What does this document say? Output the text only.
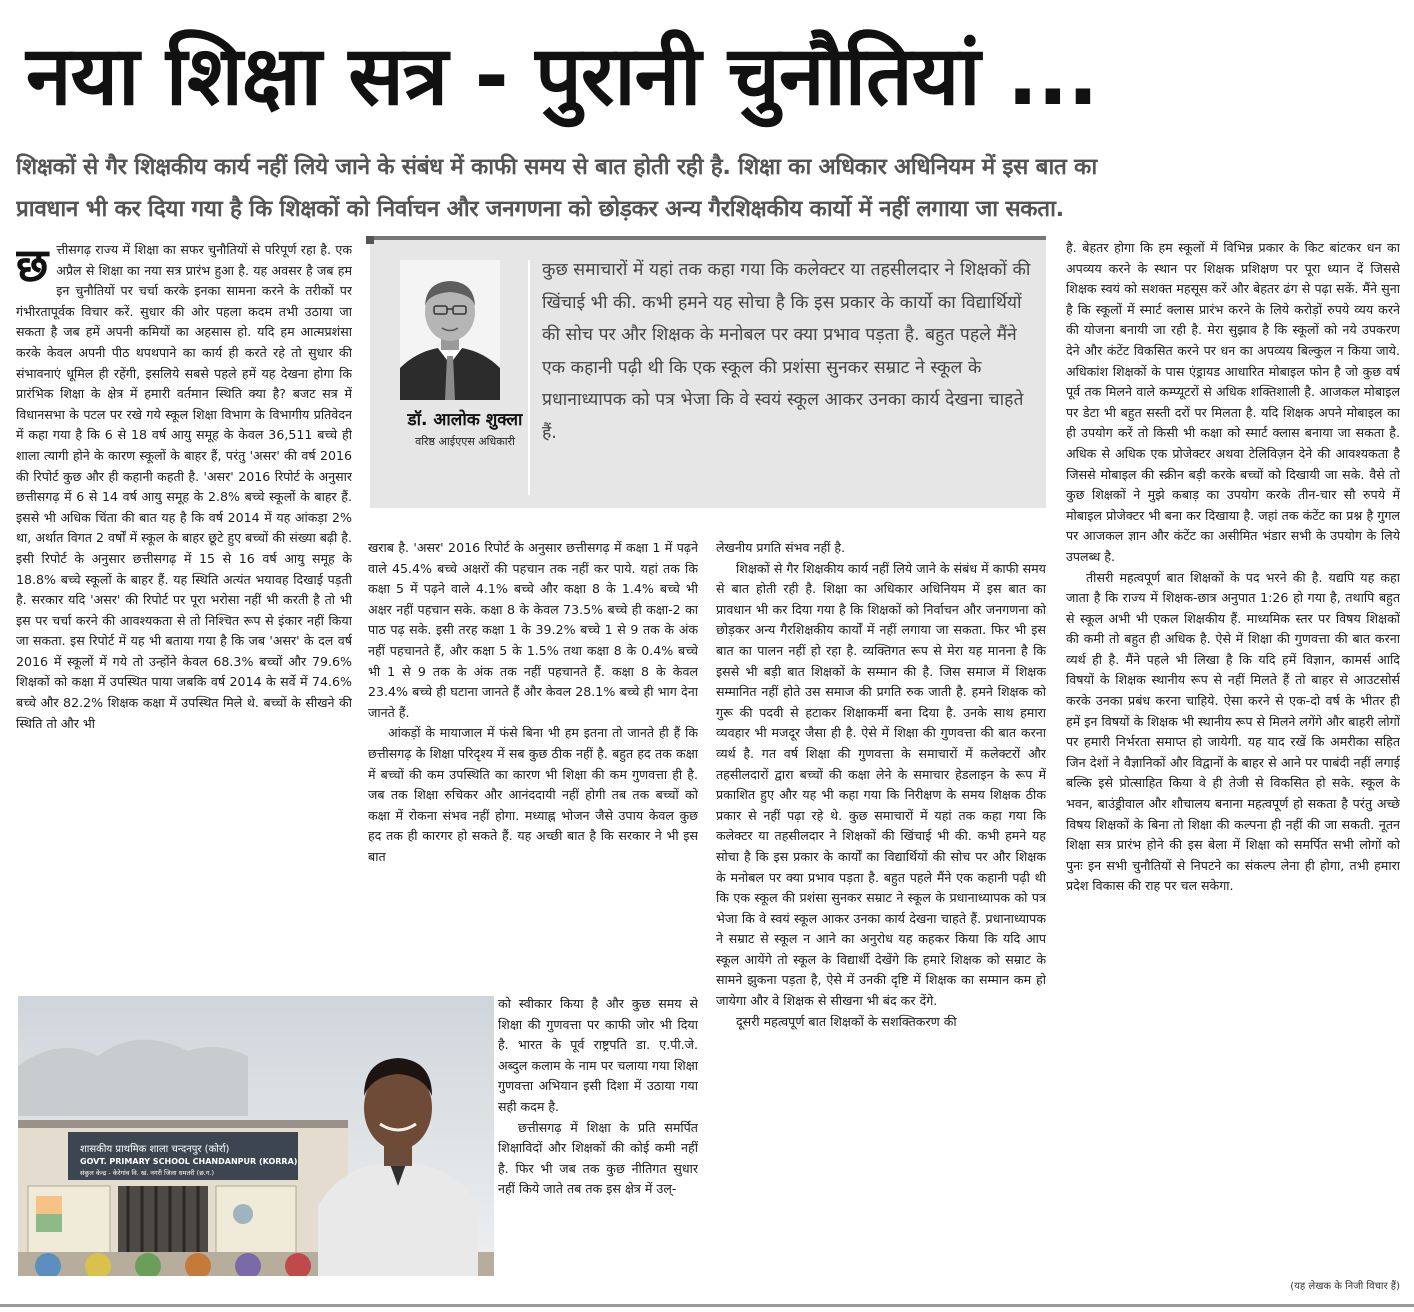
नया शिक्षा सत्र - पुरानी चुनौतियां ...
शिक्षकों से गैर शिक्षकीय कार्य नहीं लिये जाने के संबंध में काफी समय से बात होती रही है. शिक्षा का अधिकार अधिनियम में इस बात का
प्रावधान भी कर दिया गया है कि शिक्षकों को निर्वाचन और जनगणना को छोड़कर अन्य गैरशिक्षकीय कार्यो में नहीं लगाया जा सकता.

छ त्तीसगढ़ राज्य में शिक्षा का सफर चुनौतियों से परिपूर्ण रहा है. एक अप्रैल से शिक्षा का नया सत्र प्रारंभ हुआ है. यह अवसर है जब हम इन चुनौतियों पर चर्चा करके इनका सामना करने के तरीकों पर गंभीरतापूर्वक विचार करें. सुधार की ओर पहला कदम तभी उठाया जा सकता है जब हमें अपनी कमियों का अहसास हो. यदि हम आत्मप्रशंसा करके केवल अपनी पीठ थपथपाने का कार्य ही करते रहे तो सुधार की संभावनाएं धूमिल ही रहेंगी, इसलिये सबसे पहले हमें यह देखना होगा कि प्रारंभिक शिक्षा के क्षेत्र में हमारी वर्तमान स्थिति क्या है? बजट सत्र में विधानसभा के पटल पर रखे गये स्कूल शिक्षा विभाग के विभागीय प्रतिवेदन में कहा गया है कि 6 से 18 वर्ष आयु समूह के केवल 36,511 बच्चे ही शाला त्यागी होने के कारण स्कूलों के बाहर हैं, परंतु 'असर' की वर्ष 2016 की रिपोर्ट कुछ और ही कहानी कहती है. 'असर' 2016 रिपोर्ट के अनुसार छत्तीसगढ़ में 6 से 14 वर्ष आयु समूह के 2.8% बच्चे स्कूलों के बाहर हैं. इससे भी अधिक चिंता की बात यह है कि वर्ष 2014 में यह आंकड़ा 2% था, अर्थात विगत 2 वर्षों में स्कूल के बाहर छूटे हुए बच्चों की संख्या बढ़ी है. इसी रिपोर्ट के अनुसार छत्तीसगढ़ में 15 से 16 वर्ष आयु समूह के 18.8% बच्चे स्कूलों के बाहर हैं. यह स्थिति अत्यंत भयावह दिखाई पड़ती है. सरकार यदि 'असर' की रिपोर्ट पर पूरा भरोसा नहीं भी करती है तो भी इस पर चर्चा करने की आवश्यकता से तो निश्चित रूप से इंकार नहीं किया जा सकता. इस रिपोर्ट में यह भी बताया गया है कि जब 'असर' के दल वर्ष 2016 में स्कूलों में गये तो उन्होंने केवल 68.3% बच्चों और 79.6% शिक्षकों को कक्षा में उपस्थित पाया जबकि वर्ष 2014 के सर्वे में 74.6% बच्चे और 82.2% शिक्षक कक्षा में उपस्थित मिले थे. बच्चों के सीखने की स्थिति तो और भी

डॉ. आलोक शुक्ला
वरिष्ठ आईएएस अधिकारी
कुछ समाचारों में यहां तक कहा गया कि कलेक्टर या तहसीलदार ने शिक्षकों की खिंचाई भी की. कभी हमने यह सोचा है कि इस प्रकार के कार्यो का विद्यार्थियों की सोच पर और शिक्षक के मनोबल पर क्या प्रभाव पड़ता है. बहुत पहले मैंने एक कहानी पढ़ी थी कि एक स्कूल की प्रशंसा सुनकर सम्राट ने स्कूल के प्रधानाध्यापक को पत्र भेजा कि वे स्वयं स्कूल आकर उनका कार्य देखना चाहते हैं.

खराब है. 'असर' 2016 रिपोर्ट के अनुसार छत्तीसगढ़ में कक्षा 1 में पढ़ने वाले 45.4% बच्चे अक्षरों की पहचान तक नहीं कर पाये. यहां तक कि कक्षा 5 में पढ़ने वाले 4.1% बच्चे और कक्षा 8 के 1.4% बच्चे भी अक्षर नहीं पहचान सके. कक्षा 8 के केवल 73.5% बच्चे ही कक्षा-2 का पाठ पढ़ सके. इसी तरह कक्षा 1 के 39.2% बच्चे 1 से 9 तक के अंक नहीं पहचानते हैं, और कक्षा 5 के 1.5% तथा कक्षा 8 के 0.4% बच्चे भी 1 से 9 तक के अंक तक नहीं पहचानते हैं. कक्षा 8 के केवल 23.4% बच्चे ही घटाना जानते हैं और केवल 28.1% बच्चे ही भाग देना जानते हैं.

आंकड़ों के मायाजाल में फंसे बिना भी हम इतना तो जानते ही हैं कि छत्तीसगढ़ के शिक्षा परिदृश्य में सब कुछ ठीक नहीं है. बहुत हद तक कक्षा में बच्चों की कम उपस्थिति का कारण भी शिक्षा की कम गुणवत्ता ही है. जब तक शिक्षा रुचिकर और आनंददायी नहीं होगी तब तक बच्चों को कक्षा में रोकना संभव नहीं होगा. मध्याह्न भोजन जैसे उपाय केवल कुछ हद तक ही कारगर हो सकते हैं. यह अच्छी बात है कि सरकार ने भी इस बात

को स्वीकार किया है और कुछ समय से शिक्षा की गुणवत्ता पर काफी जोर भी दिया है. भारत के पूर्व राष्ट्रपति डा. ए.पी.जे. अब्दुल कलाम के नाम पर चलाया गया शिक्षा गुणवत्ता अभियान इसी दिशा में उठाया गया सही कदम है.

छत्तीसगढ़ में शिक्षा के प्रति समर्पित शिक्षाविदों और शिक्षकों की कोई कमी नहीं है. फिर भी जब तक कुछ नीतिगत सुधार नहीं किये जाते तब तक इस क्षेत्र में उल्-

लेखनीय प्रगति संभव नहीं है.

शिक्षकों से गैर शिक्षकीय कार्य नहीं लिये जाने के संबंध में काफी समय से बात होती रही है. शिक्षा का अधिकार अधिनियम में इस बात का प्रावधान भी कर दिया गया है कि शिक्षकों को निर्वाचन और जनगणना को छोड़कर अन्य गैरशिक्षकीय कार्यों में नहीं लगाया जा सकता. फिर भी इस बात का पालन नहीं हो रहा है. व्यक्तिगत रूप से मेरा यह मानना है कि इससे भी बड़ी बात शिक्षकों के सम्मान की है. जिस समाज में शिक्षक सम्मानित नहीं होते उस समाज की प्रगति रुक जाती है. हमने शिक्षक को गुरू की पदवी से हटाकर शिक्षाकर्मी बना दिया है. उनके साथ हमारा व्यवहार भी मजदूर जैसा ही है. ऐसे में शिक्षा की गुणवत्ता की बात करना व्यर्थ है. गत वर्ष शिक्षा की गुणवत्ता के समाचारों में कलेक्टरों और तहसीलदारों द्वारा बच्चों की कक्षा लेने के समाचार हेडलाइन के रूप में प्रकाशित हुए और यह भी कहा गया कि निरीक्षण के समय शिक्षक ठीक प्रकार से नहीं पढ़ा रहे थे. कुछ समाचारों में यहां तक कहा गया कि कलेक्टर या तहसीलदार ने शिक्षकों की खिंचाई भी की. कभी हमने यह सोचा है कि इस प्रकार के कार्यों का विद्यार्थियों की सोच पर और शिक्षक के मनोबल पर क्या प्रभाव पड़ता है. बहुत पहले मैंने एक कहानी पढ़ी थी कि एक स्कूल की प्रशंसा सुनकर सम्राट ने स्कूल के प्रधानाध्यापक को पत्र भेजा कि वे स्वयं स्कूल आकर उनका कार्य देखना चाहते हैं. प्रधानाध्यापक ने सम्राट से स्कूल न आने का अनुरोध यह कहकर किया कि यदि आप स्कूल आयेंगे तो स्कूल के विद्यार्थी देखेंगे कि हमारे शिक्षक को सम्राट के सामने झुकना पड़ता है, ऐसे में उनकी दृष्टि में शिक्षक का सम्मान कम हो जायेगा और वे शिक्षक से सीखना भी बंद कर देंगे.

दूसरी महत्वपूर्ण बात शिक्षकों के सशक्तिकरण की

है. बेहतर होगा कि हम स्कूलों में विभिन्न प्रकार के किट बांटकर धन का अपव्यय करने के स्थान पर शिक्षक प्रशिक्षण पर पूरा ध्यान दें जिससे शिक्षक स्वयं को सशक्त महसूस करें और बेहतर ढंग से पढ़ा सकें. मैंने सुना है कि स्कूलों में स्मार्ट क्लास प्रारंभ करने के लिये करोड़ों रुपये व्यय करने की योजना बनायी जा रही है. मेरा सुझाव है कि स्कूलों को नये उपकरण देने और कंटेंट विकसित करने पर धन का अपव्यय बिल्कुल न किया जाये. अधिकांश शिक्षकों के पास एंड्रायड आधारित मोबाइल फोन है जो कुछ वर्ष पूर्व तक मिलने वाले कम्प्यूटरों से अधिक शक्तिशाली है. आजकल मोबाइल पर डेटा भी बहुत सस्ती दरों पर मिलता है. यदि शिक्षक अपने मोबाइल का ही उपयोग करें तो किसी भी कक्षा को स्मार्ट क्लास बनाया जा सकता है. अधिक से अधिक एक प्रोजेक्टर अथवा टेलिविज़न देने की आवश्यकता है जिससे मोबाइल की स्क्रीन बड़ी करके बच्चों को दिखायी जा सके. वैसे तो कुछ शिक्षकों ने मुझे कबाड़ का उपयोग करके तीन-चार सौ रुपये में मोबाइल प्रोजेक्टर भी बना कर दिखाया है. जहां तक कंटेंट का प्रश्न है गुगल पर आजकल ज्ञान और कंटेंट का असीमित भंडार सभी के उपयोग के लिये उपलब्ध है.

तीसरी महत्वपूर्ण बात शिक्षकों के पद भरने की है. यद्यपि यह कहा जाता है कि राज्य में शिक्षक-छात्र अनुपात 1:26 हो गया है, तथापि बहुत से स्कूल अभी भी एकल शिक्षकीय हैं. माध्यमिक स्तर पर विषय शिक्षकों की कमी तो बहुत ही अधिक है. ऐसे में शिक्षा की गुणवत्ता की बात करना व्यर्थ ही है. मैंने पहले भी लिखा है कि यदि हमें विज्ञान, कामर्स आदि विषयों के शिक्षक स्थानीय रूप से नहीं मिलते हैं तो बाहर से आउटसोर्स करके उनका प्रबंध करना चाहिये. ऐसा करने से एक-दो वर्ष के भीतर ही हमें इन विषयों के शिक्षक भी स्थानीय रूप से मिलने लगेंगे और बाहरी लोगों पर हमारी निर्भरता समाप्त हो जायेगी. यह याद रखें कि अमरीका सहित जिन देशों ने वैज्ञानिकों और विद्वानों के बाहर से आने पर पाबंदी नहीं लगाई बल्कि इसे प्रोत्साहित किया वे ही तेजी से विकसित हो सके. स्कूल के भवन, बाउंड्रीवाल और शौचालय बनाना महत्वपूर्ण हो सकता है परंतु अच्छे विषय शिक्षकों के बिना तो शिक्षा की कल्पना ही नहीं की जा सकती. नूतन शिक्षा सत्र प्रारंभ होने की इस बेला में शिक्षा को समर्पित सभी लोगों को पुनः इन सभी चुनौतियों से निपटने का संकल्प लेना ही होगा, तभी हमारा प्रदेश विकास की राह पर चल सकेगा.

शासकीय प्राथमिक शाला चन्दनपुर (कोर्रा)
GOVT. PRIMARY SCHOOL CHANDANPUR (KORRA)
संकुल केन्द्र - केरेगांव वि. खं. नगरी जिला धमतरी (छ.ग.)
(यह लेखक के निजी विचार हैं)
